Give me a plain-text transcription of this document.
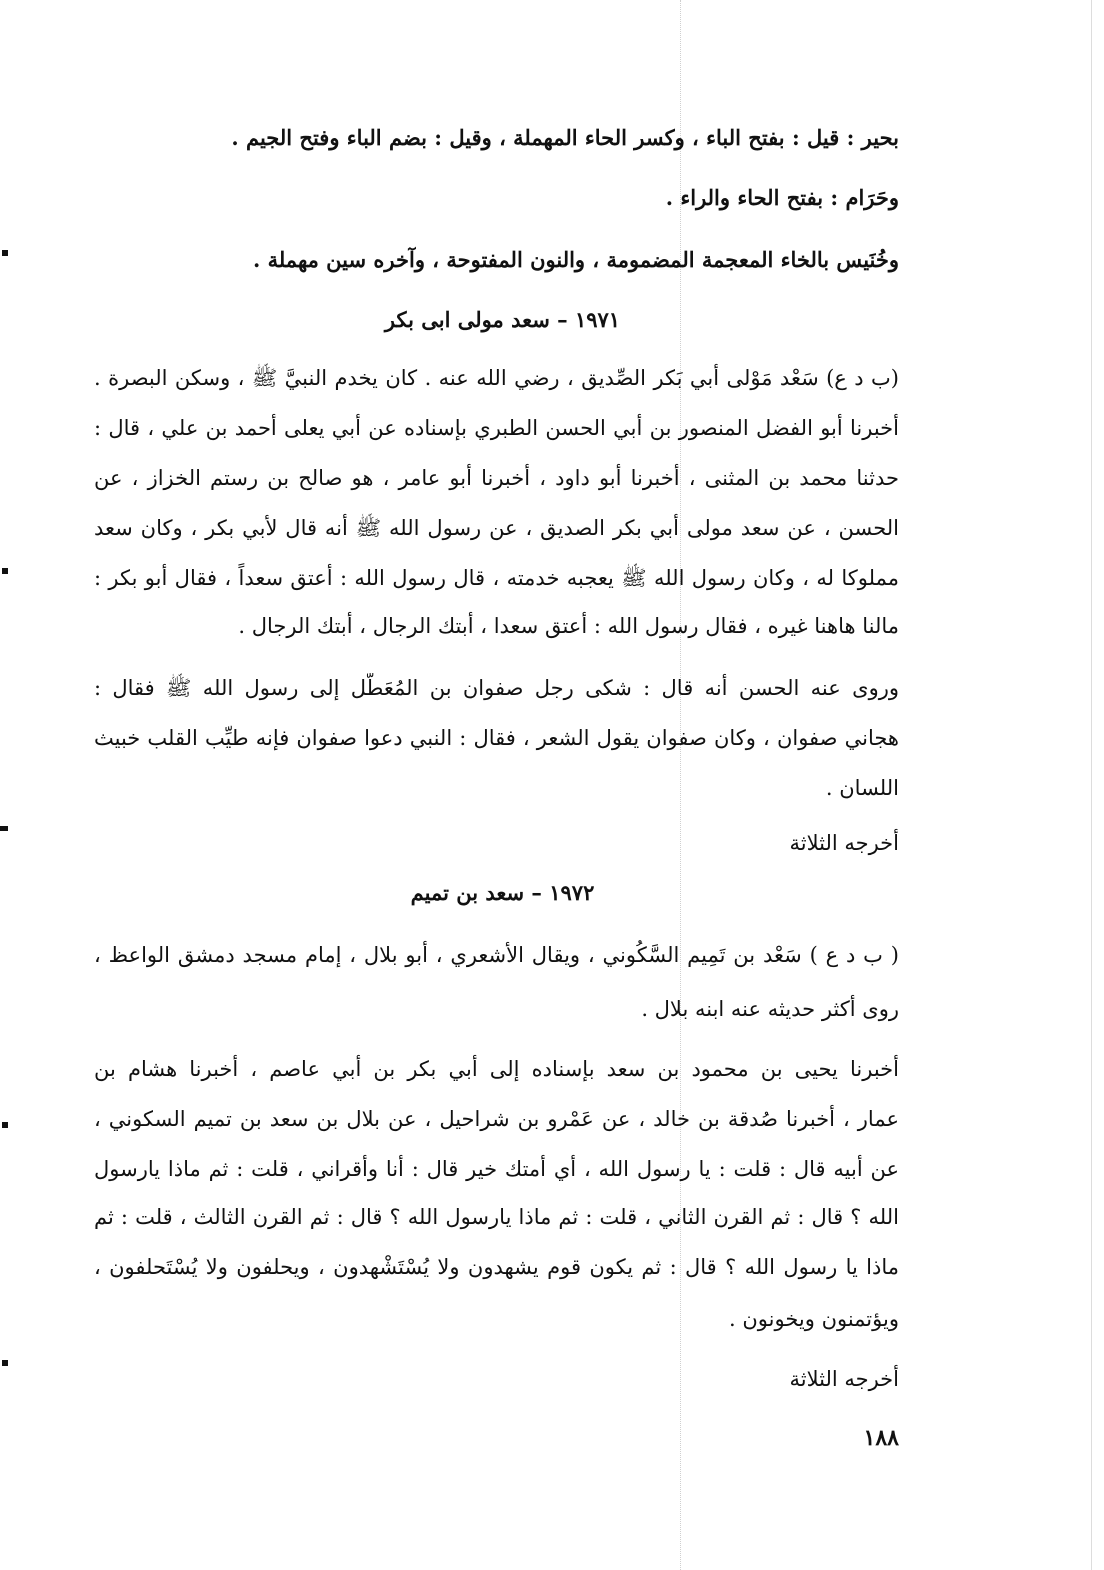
بحير : قيل : بفتح الباء ، وكسر الحاء المهملة ، وقيل : بضم الباء وفتح الجيم .
وحَرَام : بفتح الحاء والراء .
وخُنَيس بالخاء المعجمة المضمومة ، والنون المفتوحة ، وآخره سين مهملة .
١٩٧١ – سعد مولى ابى بكر
(ب د ع) سَعْد مَوْلى أبي بَكر الصِّديق ، رضي الله عنه . كان يخدم النبيَّ ﷺ ، وسكن البصرة .
أخبرنا أبو الفضل المنصور بن أبي الحسن الطبري بإسناده عن أبي يعلى أحمد بن علي ، قال :
حدثنا محمد بن المثنى ، أخبرنا أبو داود ، أخبرنا أبو عامر ، هو صالح بن رستم الخزاز ، عن
الحسن ، عن سعد مولى أبي بكر الصديق ، عن رسول الله ﷺ أنه قال لأبي بكر ، وكان سعد
مملوكا له ، وكان رسول الله ﷺ يعجبه خدمته ، قال رسول الله : أعتق سعداً ، فقال أبو بكر :
مالنا هاهنا غيره ، فقال رسول الله : أعتق سعدا ، أبتك الرجال ، أبتك الرجال .
وروى عنه الحسن أنه قال : شكى رجل صفوان بن المُعَطَّل إلى رسول الله ﷺ فقال :
هجاني صفوان ، وكان صفوان يقول الشعر ، فقال : النبي دعوا صفوان فإنه طيِّب القلب خبيث
اللسان .
أخرجه الثلاثة
١٩٧٢ – سعد بن تميم
( ب د ع ) سَعْد بن تَمِيم السَّكُوني ، ويقال الأشعري ، أبو بلال ، إمام مسجد دمشق الواعظ ،
روى أكثر حديثه عنه ابنه بلال .
أخبرنا يحيى بن محمود بن سعد بإسناده إلى أبي بكر بن أبي عاصم ، أخبرنا هشام بن
عمار ، أخبرنا صُدقة بن خالد ، عن عَمْرو بن شراحيل ، عن بلال بن سعد بن تميم السكوني ،
عن أبيه قال : قلت : يا رسول الله ، أي أمتك خير قال : أنا وأقراني ، قلت : ثم ماذا يارسول
الله ؟ قال : ثم القرن الثاني ، قلت : ثم ماذا يارسول الله ؟ قال : ثم القرن الثالث ، قلت : ثم
ماذا يا رسول الله ؟ قال : ثم يكون قوم يشهدون ولا يُسْتَشْهدون ، ويحلفون ولا يُسْتَحلفون ،
ويؤتمنون ويخونون .
أخرجه الثلاثة
١٨٨
